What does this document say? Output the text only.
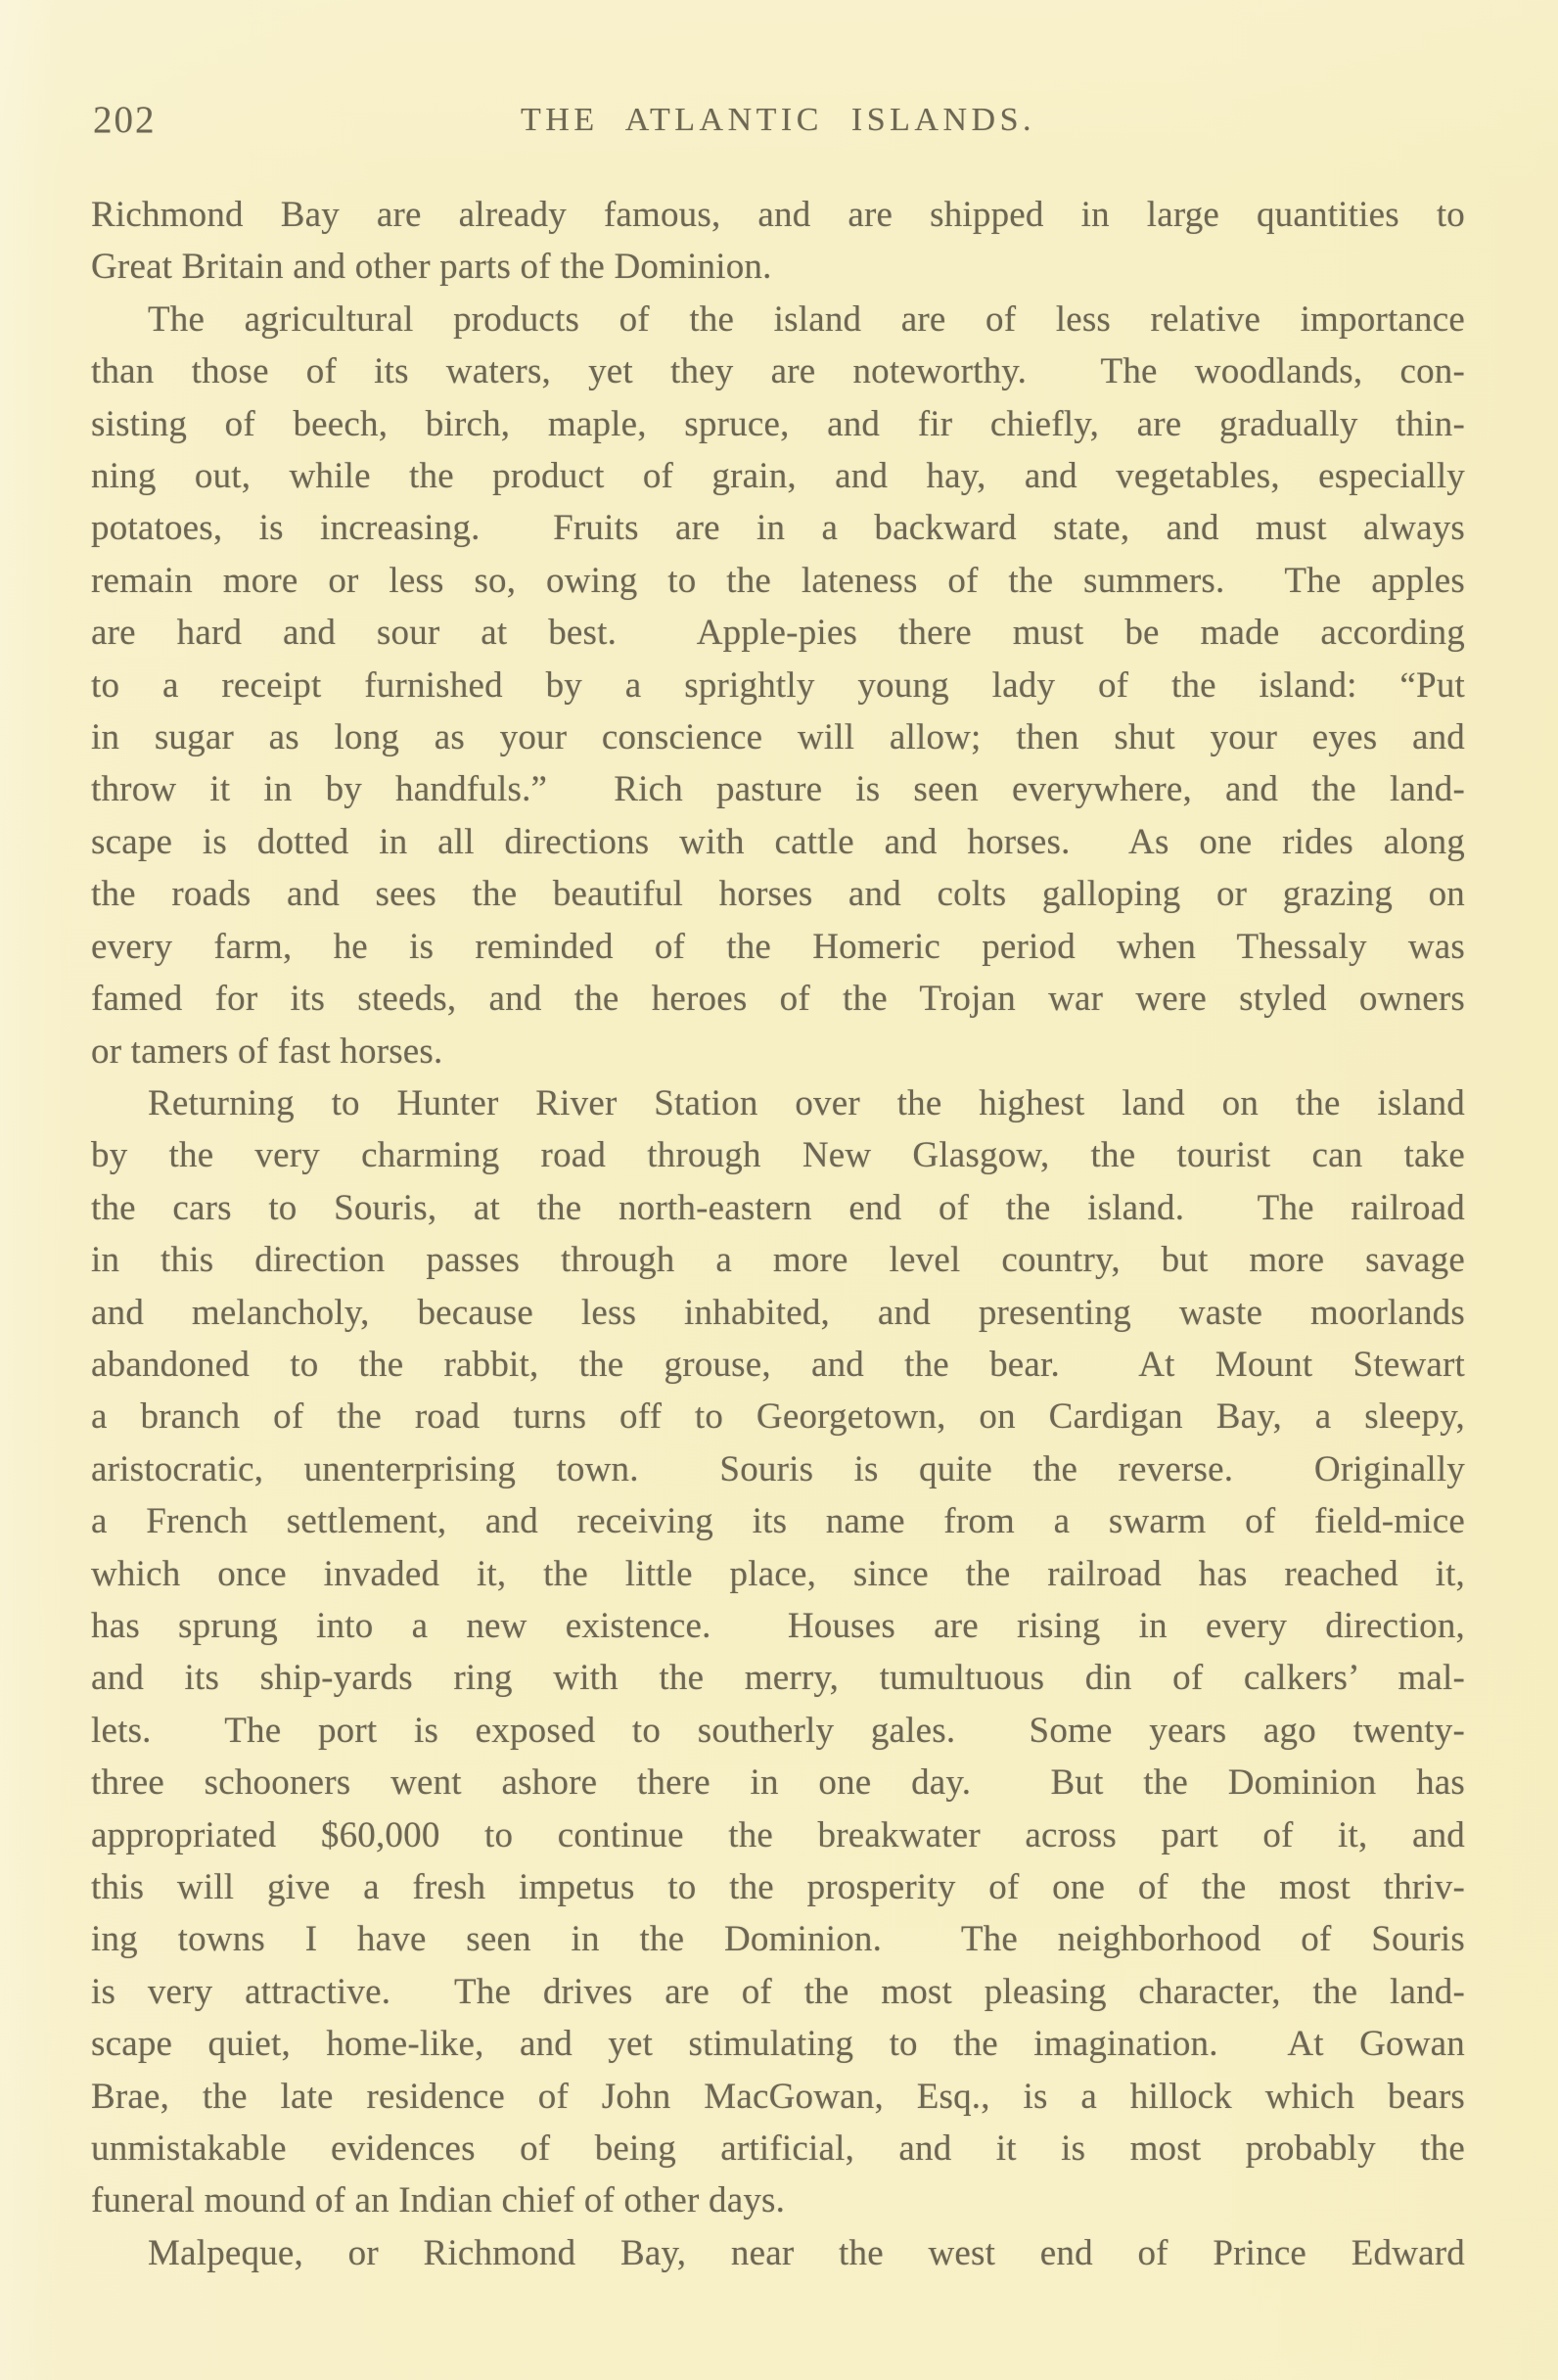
202	THE ATLANTIC ISLANDS.
Richmond Bay are already famous, and are shipped in large quantities to
Great Britain and other parts of the Dominion.
The agricultural products of the island are of less relative importance
than those of its waters, yet they are noteworthy.  The woodlands, con-
sisting of beech, birch, maple, spruce, and fir chiefly, are gradually thin-
ning out, while the product of grain, and hay, and vegetables, especially
potatoes, is increasing.  Fruits are in a backward state, and must always
remain more or less so, owing to the lateness of the summers.  The apples
are hard and sour at best.  Apple-pies there must be made according
to a receipt furnished by a sprightly young lady of the island: “Put
in sugar as long as your conscience will allow; then shut your eyes and
throw it in by handfuls.”  Rich pasture is seen everywhere, and the land-
scape is dotted in all directions with cattle and horses.  As one rides along
the roads and sees the beautiful horses and colts galloping or grazing on
every farm, he is reminded of the Homeric period when Thessaly was
famed for its steeds, and the heroes of the Trojan war were styled owners
or tamers of fast horses.
Returning to Hunter River Station over the highest land on the island
by the very charming road through New Glasgow, the tourist can take
the cars to Souris, at the north-eastern end of the island.  The railroad
in this direction passes through a more level country, but more savage
and melancholy, because less inhabited, and presenting waste moorlands
abandoned to the rabbit, the grouse, and the bear.  At Mount Stewart
a branch of the road turns off to Georgetown, on Cardigan Bay, a sleepy,
aristocratic, unenterprising town.  Souris is quite the reverse.  Originally
a French settlement, and receiving its name from a swarm of field-mice
which once invaded it, the little place, since the railroad has reached it,
has sprung into a new existence.  Houses are rising in every direction,
and its ship-yards ring with the merry, tumultuous din of calkers’ mal-
lets.  The port is exposed to southerly gales.  Some years ago twenty-
three schooners went ashore there in one day.  But the Dominion has
appropriated $60,000 to continue the breakwater across part of it, and
this will give a fresh impetus to the prosperity of one of the most thriv-
ing towns I have seen in the Dominion.  The neighborhood of Souris
is very attractive.  The drives are of the most pleasing character, the land-
scape quiet, home-like, and yet stimulating to the imagination.  At Gowan
Brae, the late residence of John MacGowan, Esq., is a hillock which bears
unmistakable evidences of being artificial, and it is most probably the
funeral mound of an Indian chief of other days.
Malpeque, or Richmond Bay, near the west end of Prince Edward
